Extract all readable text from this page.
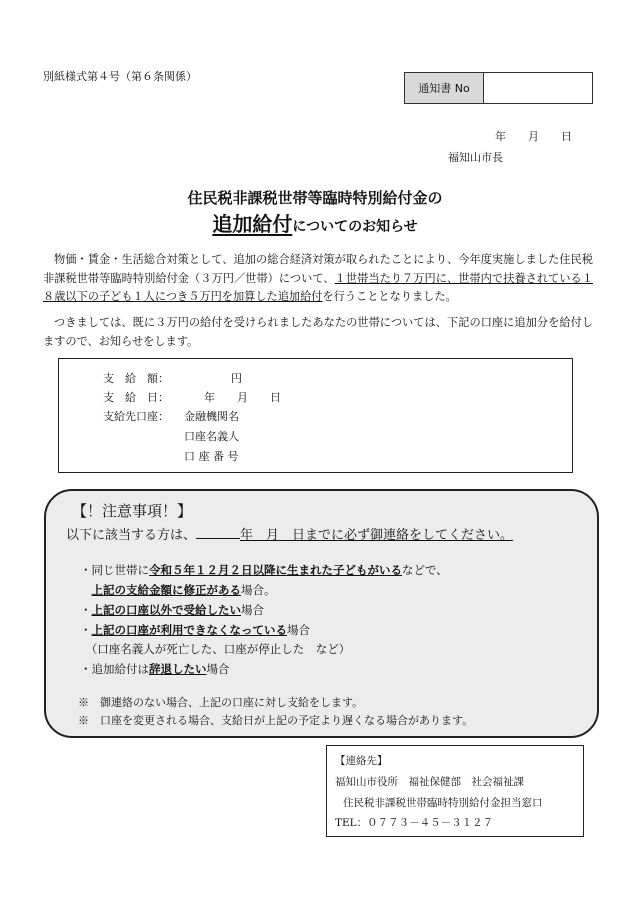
別紙様式第４号（第６条関係）
通知書 No
年　　月　　日
福知山市長
住民税非課税世帯等臨時特別給付金の
追加給付についてのお知らせ
物価・賃金・生活総合対策として、追加の総合経済対策が取られたことにより、今年度実施しました住民税非課税世帯等臨時特別給付金（３万円／世帯）について、１世帯当たり７万円に、世帯内で扶養されている１８歳以下の子ども１人につき５万円を加算した追加給付を行うこととなりました。
つきましては、既に３万円の給付を受けられましたあなたの世帯については、下記の口座に追加分を給付しますので、お知らせをします。
支　給　額：	円
支　給　日：	年　　月　　日
支給先口座： 金融機関名
口座名義人
口 座 番 号
【！注意事項！】
以下に該当する方は、	年　月　日までに必ず御連絡をしてください。
・同じ世帯に令和５年１２月２日以降に生まれた子どもがいるなどで、
　上記の支給金額に修正がある場合。
・上記の口座以外で受給したい場合
・上記の口座が利用できなくなっている場合
　（口座名義人が死亡した、口座が停止した　など）
・追加給付は辞退したい場合
※　御連絡のない場合、上記の口座に対し支給をします。
※　口座を変更される場合、支給日が上記の予定より遅くなる場合があります。
【連絡先】
福知山市役所　福祉保健部　社会福祉課
住民税非課税世帯臨時特別給付金担当窓口
TEL：０７７３－４５－３１２７
